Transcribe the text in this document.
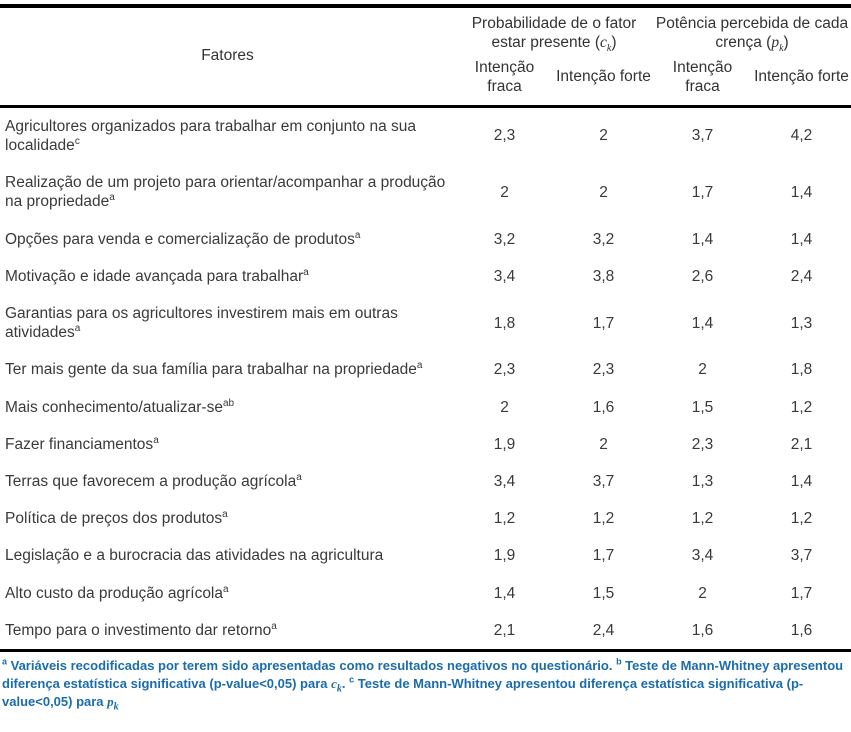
Fatores	Probabilidade de o fator estar presente $(c_k)$		Potência percebida de cada crença $(p_k)$	
	Intenção fraca	Intenção forte	Intenção fraca	Intenção forte
Agricultores organizados para trabalhar em conjunto na sua localidade$^c$	2,3	2	3,7	4,2
Realização de um projeto para orientar/acompanhar a produção na propriedade$^a$	2	2	1,7	1,4
Opções para venda e comercialização de produtos$^a$	3,2	3,2	1,4	1,4
Motivação e idade avançada para trabalhar$^a$	3,4	3,8	2,6	2,4
Garantias para os agricultores investirem mais em outras atividades$^a$	1,8	1,7	1,4	1,3
Ter mais gente da sua família para trabalhar na propriedade$^a$	2,3	2,3	2	1,8
Mais conhecimento/$atualizar-se^{ab}$	2	1,6	1,5	1,2
Fazer financiamentos$^a$	1,9	2	2,3	2,1
Terras que favorecem a produção agrícola$^a$	3,4	3,7	1,3	1,4
Política de preços dos produtos$^a$	1,2	1,2	1,2	1,2
Legislação e a burocracia das atividades na agricultura	1,9	1,7	3,4	3,7
Alto custo da produção agrícola$^a$	1,4	1,5	2	1,7
Tempo para o investimento dar retorno$^a$	2,1	2,4	1,6	1,6
$^a$ Variáveis recodificadas por terem sido apresentadas como resultados negativos no questionário. $^b$ Teste de Mann-Whitney apresentou diferença estatística significativa (p-value<0,05) para $c_k$. $^c$ Teste de Mann-Whitney apresentou diferença estatística significativa (p-value<0,05) para $p_k$
